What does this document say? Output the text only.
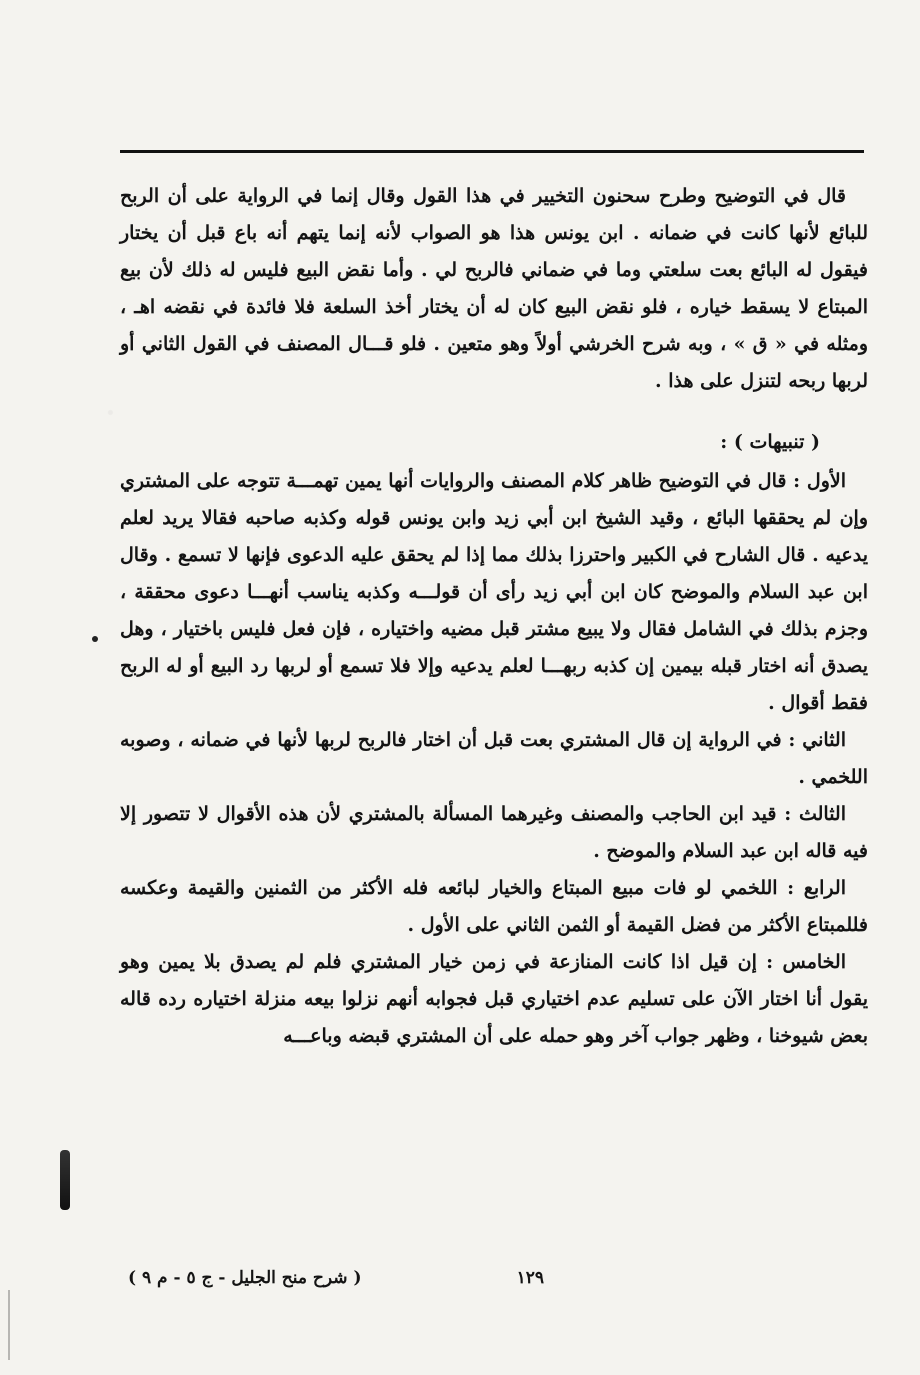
قال في التوضيح وطرح سحنون التخيير في هذا القول وقال إنما في الرواية على أن الربح للبائع لأنها كانت في ضمانه . ابن يونس هذا هو الصواب لأنه إنما يتهم أنه باع قبل أن يختار فيقول له البائع بعت سلعتي وما في ضماني فالربح لي . وأما نقض البيع فليس له ذلك لأن بيع المبتاع لا يسقط خياره ، فلو نقض البيع كان له أن يختار أخذ السلعة فلا فائدة في نقضه اهـ ، ومثله في « ق » ، وبه شرح الخرشي أولاً وهو متعين . فلو قـــال المصنف في القول الثاني أو لربها ربحه لتنزل على هذا .

( تنبيهات ) :

الأول : قال في التوضيح ظاهر كلام المصنف والروايات أنها يمين تهمـــة تتوجه على المشتري وإن لم يحققها البائع ، وقيد الشيخ ابن أبي زيد وابن يونس قوله وكذبه صاحبه فقالا يريد لعلم يدعيه . قال الشارح في الكبير واحترزا بذلك مما إذا لم يحقق عليه الدعوى فإنها لا تسمع . وقال ابن عبد السلام والموضح كان ابن أبي زيد رأى أن قولـــه وكذبه يناسب أنهـــا دعوى محققة ، وجزم بذلك في الشامل فقال ولا يبيع مشتر قبل مضيه واختياره ، فإن فعل فليس باختيار ، وهل يصدق أنه اختار قبله بيمين إن كذبه ربهـــا لعلم يدعيه وإلا فلا تسمع أو لربها رد البيع أو له الربح فقط أقوال .

الثاني : في الرواية إن قال المشتري بعت قبل أن اختار فالربح لربها لأنها في ضمانه ، وصوبه اللخمي .

الثالث : قيد ابن الحاجب والمصنف وغيرهما المسألة بالمشتري لأن هذه الأقوال لا تتصور إلا فيه قاله ابن عبد السلام والموضح .

الرابع : اللخمي لو فات مبيع المبتاع والخيار لبائعه فله الأكثر من الثمنين والقيمة وعكسه فللمبتاع الأكثر من فضل القيمة أو الثمن الثاني على الأول .

الخامس : إن قيل اذا كانت المنازعة في زمن خيار المشتري فلم لم يصدق بلا يمين وهو يقول أنا اختار الآن على تسليم عدم اختياري قبل فجوابه أنهم نزلوا بيعه منزلة اختياره رده قاله بعض شيوخنا ، وظهر جواب آخر وهو حمله على أن المشتري قبضه وباعـــه

١٢٩
( شرح منح الجليل - ج ٥ - م ٩ )
